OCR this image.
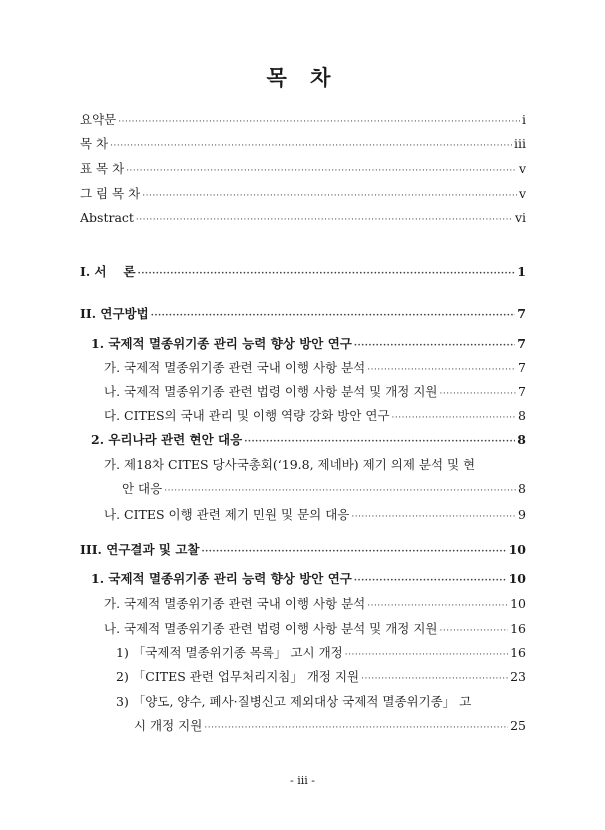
목 차
요약문 ·····	i
목 차 ·····	iii
표 목 차 ·····	v
그 림 목 차 ·····	v
Abstract ·····	vi
I. 서　 론 ·····	1
II. 연구방법 ·····	7
1. 국제적 멸종위기종 관리 능력 향상 방안 연구 ·····	7
가. 국제적 멸종위기종 관련 국내 이행 사항 분석 ·····	7
나. 국제적 멸종위기종 관련 법령 이행 사항 분석 및 개정 지원 ·····	7
다. CITES의 국내 관리 및 이행 역량 강화 방안 연구 ·····	8
2. 우리나라 관련 현안 대응 ·····	8
가. 제18차 CITES 당사국총회(‘19.8, 제네바) 제기 의제 분석 및 현
안 대응 ·····	8
나. CITES 이행 관련 제기 민원 및 문의 대응 ·····	9
III. 연구결과 및 고찰 ·····	10
1. 국제적 멸종위기종 관리 능력 향상 방안 연구 ·····	10
가. 국제적 멸종위기종 관련 국내 이행 사항 분석 ·····	10
나. 국제적 멸종위기종 관련 법령 이행 사항 분석 및 개정 지원 ·····	16
1) 「국제적 멸종위기종 목록」 고시 개정 ·····	16
2) 「CITES 관련 업무처리지침」 개정 지원 ·····	23
3) 「양도, 양수, 폐사·질병신고 제외대상 국제적 멸종위기종」 고
시 개정 지원 ·····	25
- iii -
